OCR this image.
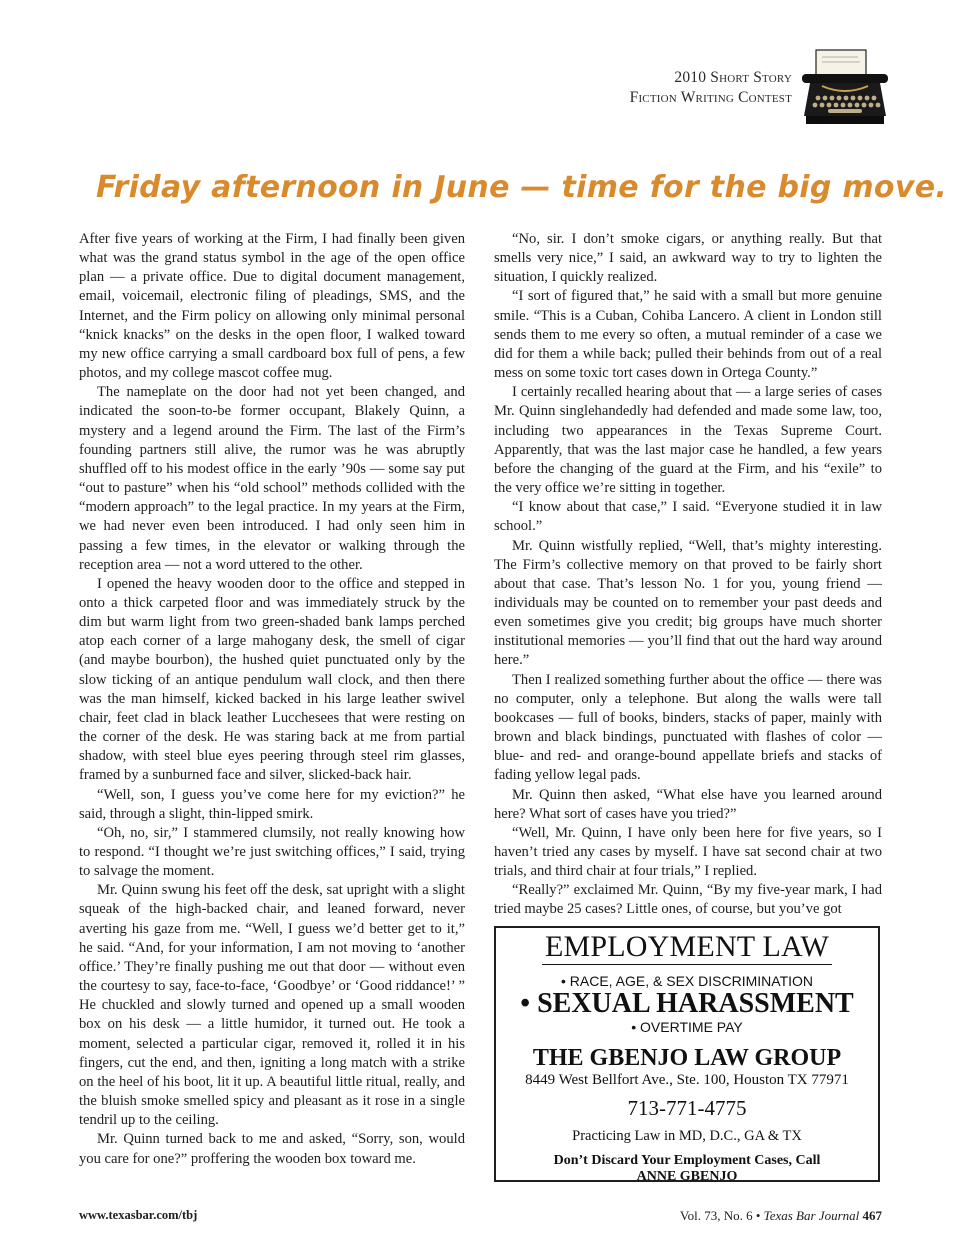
2010 Short Story
Fiction Writing Contest
Friday afternoon in June — time for the big move.

After five years of working at the Firm, I had finally been given what was the grand status symbol in the age of the open office plan — a private office. Due to digital document management, email, voicemail, electronic filing of pleadings, SMS, and the Internet, and the Firm policy on allowing only minimal personal “knick knacks” on the desks in the open floor, I walked toward my new office carrying a small cardboard box full of pens, a few photos, and my college mascot coffee mug.

The nameplate on the door had not yet been changed, and indicated the soon-to-be former occupant, Blakely Quinn, a mystery and a legend around the Firm. The last of the Firm’s founding partners still alive, the rumor was he was abruptly shuffled off to his modest office in the early ’90s — some say put “out to pasture” when his “old school” methods collided with the “modern approach” to the legal practice. In my years at the Firm, we had never even been introduced. I had only seen him in passing a few times, in the elevator or walking through the reception area — not a word uttered to the other.

I opened the heavy wooden door to the office and stepped in onto a thick carpeted floor and was immediately struck by the dim but warm light from two green-shaded bank lamps perched atop each corner of a large mahogany desk, the smell of cigar (and maybe bourbon), the hushed quiet punctuated only by the slow ticking of an antique pendulum wall clock, and then there was the man himself, kicked backed in his large leather swivel chair, feet clad in black leather Lucchesees that were resting on the corner of the desk. He was staring back at me from partial shadow, with steel blue eyes peering through steel rim glasses, framed by a sunburned face and silver, slicked-back hair.

“Well, son, I guess you’ve come here for my eviction?” he said, through a slight, thin-lipped smirk.

“Oh, no, sir,” I stammered clumsily, not really knowing how to respond. “I thought we’re just switching offices,” I said, trying to salvage the moment.

Mr. Quinn swung his feet off the desk, sat upright with a slight squeak of the high-backed chair, and leaned forward, never averting his gaze from me. “Well, I guess we’d better get to it,” he said. “And, for your information, I am not moving to ‘another office.’ They’re finally pushing me out that door — without even the courtesy to say, face-to-face, ‘Goodbye’ or ‘Good riddance!’ ” He chuckled and slowly turned and opened up a small wooden box on his desk — a little humidor, it turned out. He took a moment, selected a particular cigar, removed it, rolled it in his fingers, cut the end, and then, igniting a long match with a strike on the heel of his boot, lit it up. A beautiful little ritual, really, and the bluish smoke smelled spicy and pleasant as it rose in a single tendril up to the ceiling.

Mr. Quinn turned back to me and asked, “Sorry, son, would you care for one?” proffering the wooden box toward me.

“No, sir. I don’t smoke cigars, or anything really. But that smells very nice,” I said, an awkward way to try to lighten the situation, I quickly realized.

“I sort of figured that,” he said with a small but more genuine smile. “This is a Cuban, Cohiba Lancero. A client in London still sends them to me every so often, a mutual reminder of a case we did for them a while back; pulled their behinds from out of a real mess on some toxic tort cases down in Ortega County.”

I certainly recalled hearing about that — a large series of cases Mr. Quinn singlehandedly had defended and made some law, too, including two appearances in the Texas Supreme Court. Apparently, that was the last major case he handled, a few years before the changing of the guard at the Firm, and his “exile” to the very office we’re sitting in together.

“I know about that case,” I said. “Everyone studied it in law school.”

Mr. Quinn wistfully replied, “Well, that’s mighty interesting. The Firm’s collective memory on that proved to be fairly short about that case. That’s lesson No. 1 for you, young friend — individuals may be counted on to remember your past deeds and even sometimes give you credit; big groups have much shorter institutional memories — you’ll find that out the hard way around here.”

Then I realized something further about the office — there was no computer, only a telephone. But along the walls were tall bookcases — full of books, binders, stacks of paper, mainly with brown and black bindings, punctuated with flashes of color — blue- and red- and orange-bound appellate briefs and stacks of fading yellow legal pads.

Mr. Quinn then asked, “What else have you learned around here? What sort of cases have you tried?”

“Well, Mr. Quinn, I have only been here for five years, so I haven’t tried any cases by myself. I have sat second chair at two trials, and third chair at four trials,” I replied.

“Really?” exclaimed Mr. Quinn, “By my five-year mark, I had tried maybe 25 cases? Little ones, of course, but you’ve got

EMPLOYMENT LAW
• RACE, AGE, & SEX DISCRIMINATION
• SEXUAL HARASSMENT
• OVERTIME PAY
THE GBENJO LAW GROUP
8449 West Bellfort Ave., Ste. 100, Houston TX 77971
713-771-4775
Practicing Law in MD, D.C., GA & TX
Don’t Discard Your Employment Cases, Call
ANNE GBENJO
www.texasbar.com/tbj	Vol. 73, No. 6 • Texas Bar Journal 467
